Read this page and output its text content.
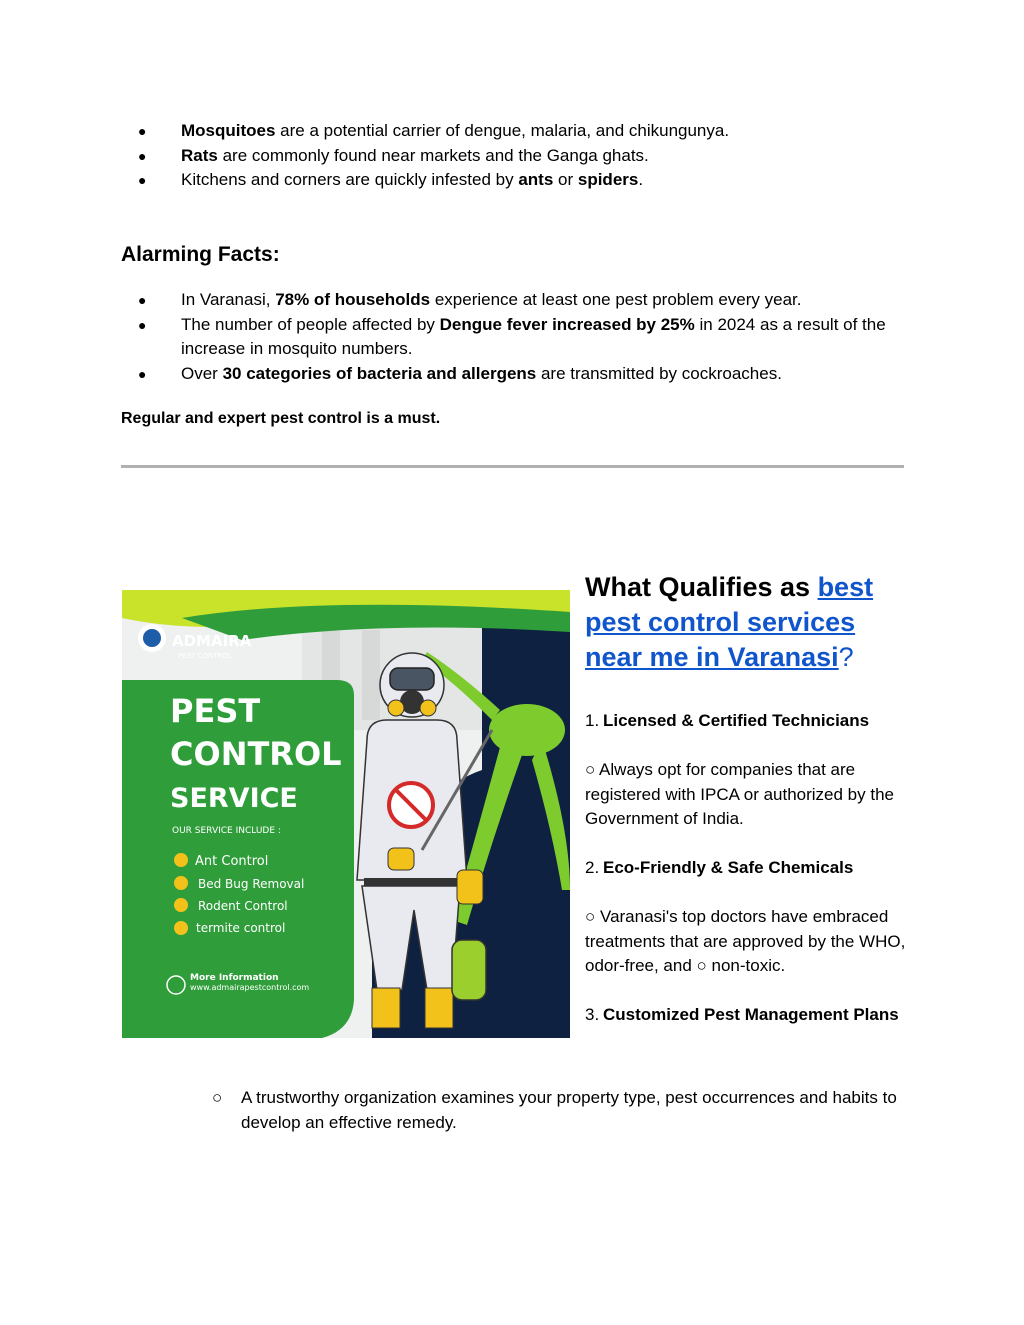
● Mosquitoes are a potential carrier of dengue, malaria, and chikungunya.
● Rats are commonly found near markets and the Ganga ghats.
● Kitchens and corners are quickly infested by ants or spiders.
Alarming Facts:
● In Varanasi, 78% of households experience at least one pest problem every year.
● The number of people affected by Dengue fever increased by 25% in 2024 as a result of the increase in mosquito numbers.
● Over 30 categories of bacteria and allergens are transmitted by cockroaches.

Regular and expert pest control is a must.

ADMAIRA
PEST CONTROL
PEST
CONTROL
SERVICE
OUR SERVICE INCLUDE :
Ant Control
Bed Bug Removal
Rodent Control
termite control
More Information
www.admairapestcontrol.com
What Qualifies as best pest control services near me in Varanasi?

1. Licensed & Certified Technicians

○ Always opt for companies that are registered with IPCA or authorized by the Government of India.

2. Eco-Friendly & Safe Chemicals

○ Varanasi's top doctors have embraced treatments that are approved by the WHO, odor-free, and ○ non-toxic.

3. Customized Pest Management Plans

○	A trustworthy organization examines your property type, pest occurrences and habits to develop an effective remedy.
